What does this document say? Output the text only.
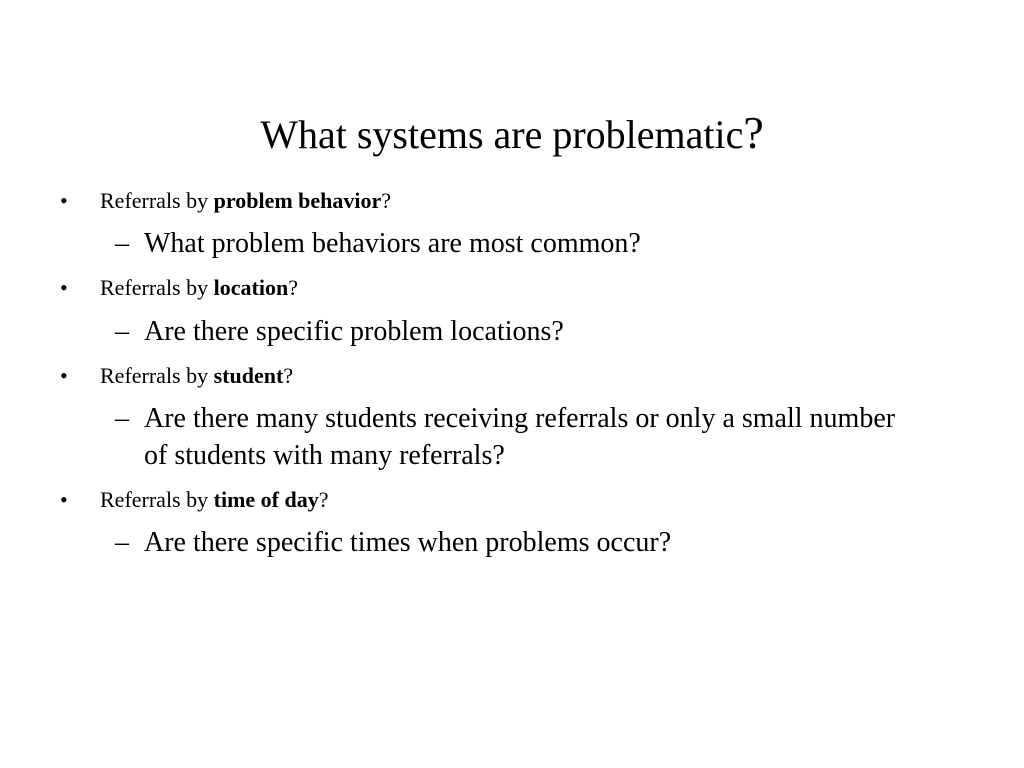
What systems are problematic?
• Referrals by problem behavior?
– What problem behaviors are most common?
• Referrals by location?
– Are there specific problem locations?
• Referrals by student?
– Are there many students receiving referrals or only a small number of students with many referrals?
• Referrals by time of day?
– Are there specific times when problems occur?
